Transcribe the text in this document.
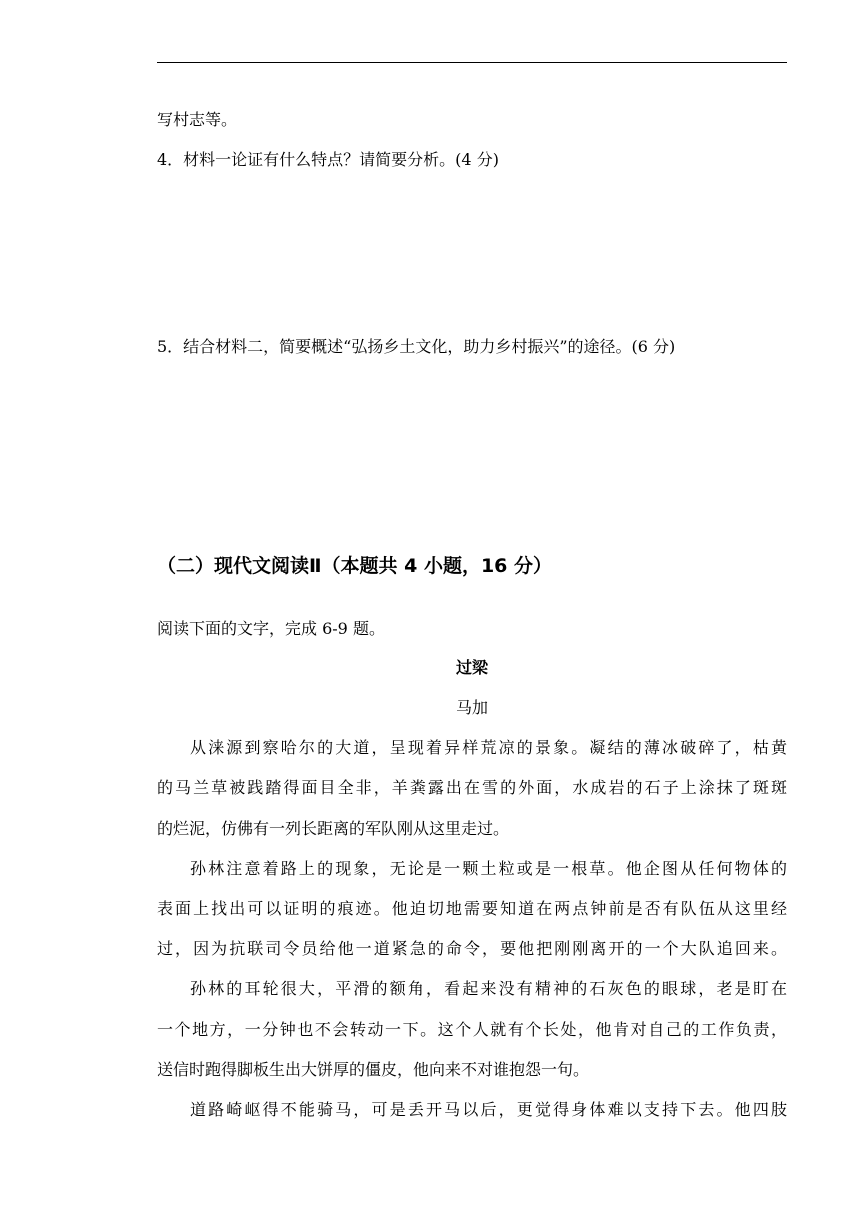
写村志等。
4．材料一论证有什么特点？请简要分析。(4 分)
5．结合材料二，简要概述“弘扬乡土文化，助力乡村振兴”的途径。(6 分)
（二）现代文阅读Ⅱ（本题共 4 小题，16 分）
阅读下面的文字，完成 6-9 题。
过梁
马加
从涞源到察哈尔的大道，呈现着异样荒凉的景象。凝结的薄冰破碎了，枯黄
的马兰草被践踏得面目全非，羊粪露出在雪的外面，水成岩的石子上涂抹了斑斑
的烂泥，仿佛有一列长距离的军队刚从这里走过。
孙林注意着路上的现象，无论是一颗土粒或是一根草。他企图从任何物体的
表面上找出可以证明的痕迹。他迫切地需要知道在两点钟前是否有队伍从这里经
过，因为抗联司令员给他一道紧急的命令，要他把刚刚离开的一个大队追回来。
孙林的耳轮很大，平滑的额角，看起来没有精神的石灰色的眼球，老是盯在
一个地方，一分钟也不会转动一下。这个人就有个长处，他肯对自己的工作负责，
送信时跑得脚板生出大饼厚的僵皮，他向来不对谁抱怨一句。
道路崎岖得不能骑马，可是丢开马以后，更觉得身体难以支持下去。他四肢
